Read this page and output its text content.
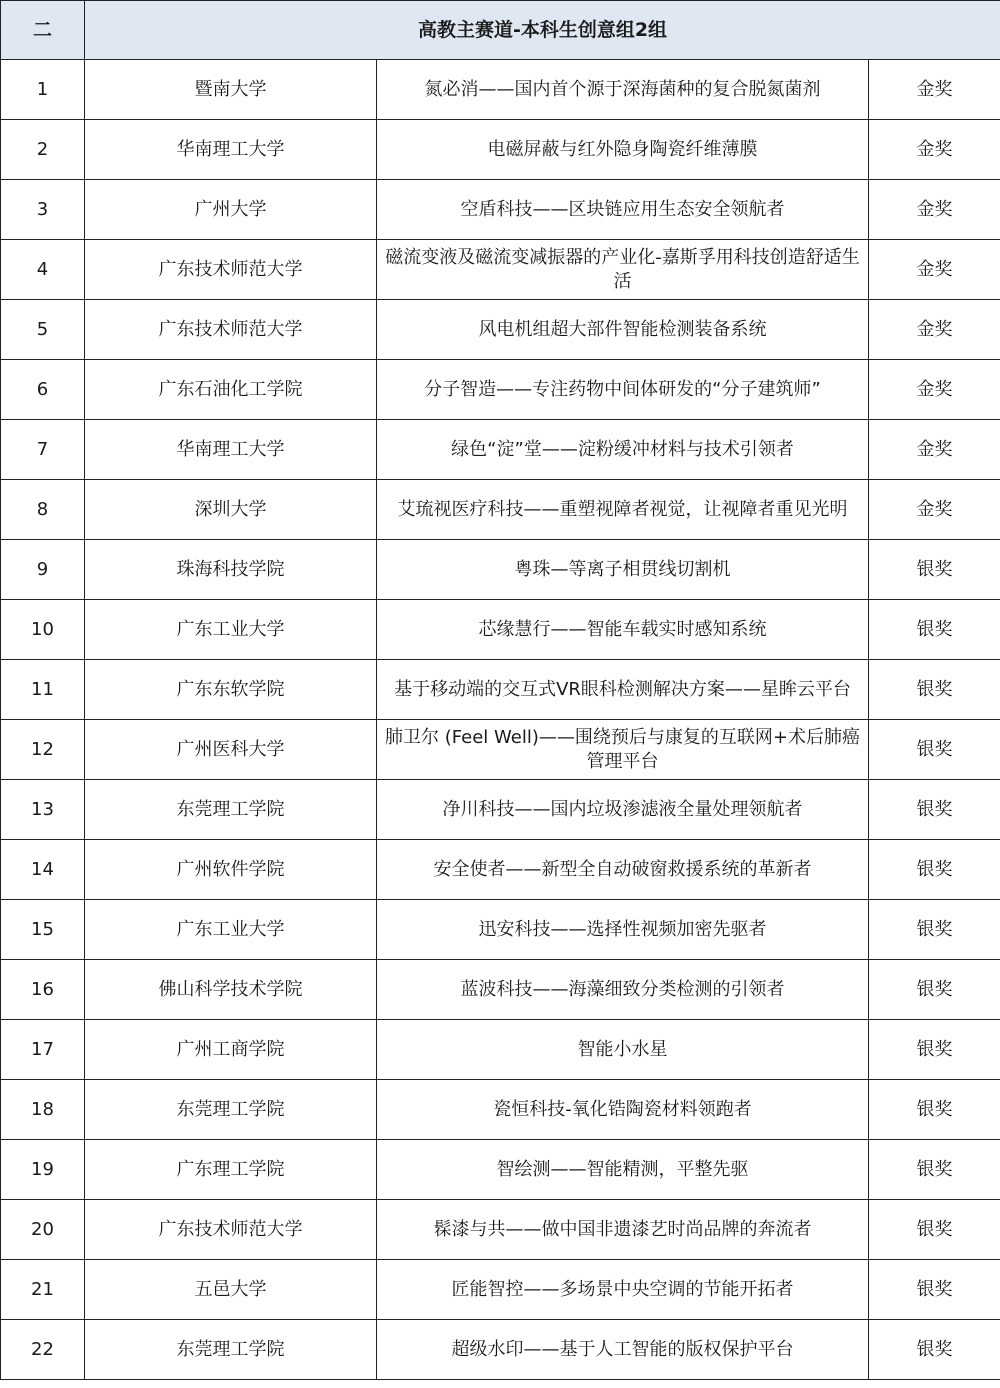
二	高教主赛道-本科生创意组2组		
1	暨南大学	氮必消——国内首个源于深海菌种的复合脱氮菌剂	金奖
2	华南理工大学	电磁屏蔽与红外隐身陶瓷纤维薄膜	金奖
3	广州大学	空盾科技——区块链应用生态安全领航者	金奖
4	广东技术师范大学	磁流变液及磁流变减振器的产业化-嘉斯孚用科技创造舒适生活	金奖
5	广东技术师范大学	风电机组超大部件智能检测装备系统	金奖
6	广东石油化工学院	分子智造——专注药物中间体研发的“分子建筑师”	金奖
7	华南理工大学	绿色“淀”堂——淀粉缓冲材料与技术引领者	金奖
8	深圳大学	艾琉视医疗科技——重塑视障者视觉，让视障者重见光明	金奖
9	珠海科技学院	粤珠—等离子相贯线切割机	银奖
10	广东工业大学	芯缘慧行——智能车载实时感知系统	银奖
11	广东东软学院	基于移动端的交互式VR眼科检测解决方案——星眸云平台	银奖
12	广州医科大学	肺卫尔 (Feel Well)——围绕预后与康复的互联网+术后肺癌管理平台	银奖
13	东莞理工学院	净川科技——国内垃圾渗滤液全量处理领航者	银奖
14	广州软件学院	安全使者——新型全自动破窗救援系统的革新者	银奖
15	广东工业大学	迅安科技——选择性视频加密先驱者	银奖
16	佛山科学技术学院	蓝波科技——海藻细致分类检测的引领者	银奖
17	广州工商学院	智能小水星	银奖
18	东莞理工学院	瓷恒科技-氧化锆陶瓷材料领跑者	银奖
19	广东理工学院	智绘测——智能精测，平整先驱	银奖
20	广东技术师范大学	髹漆与共——做中国非遗漆艺时尚品牌的奔流者	银奖
21	五邑大学	匠能智控——多场景中央空调的节能开拓者	银奖
22	东莞理工学院	超级水印——基于人工智能的版权保护平台	银奖
